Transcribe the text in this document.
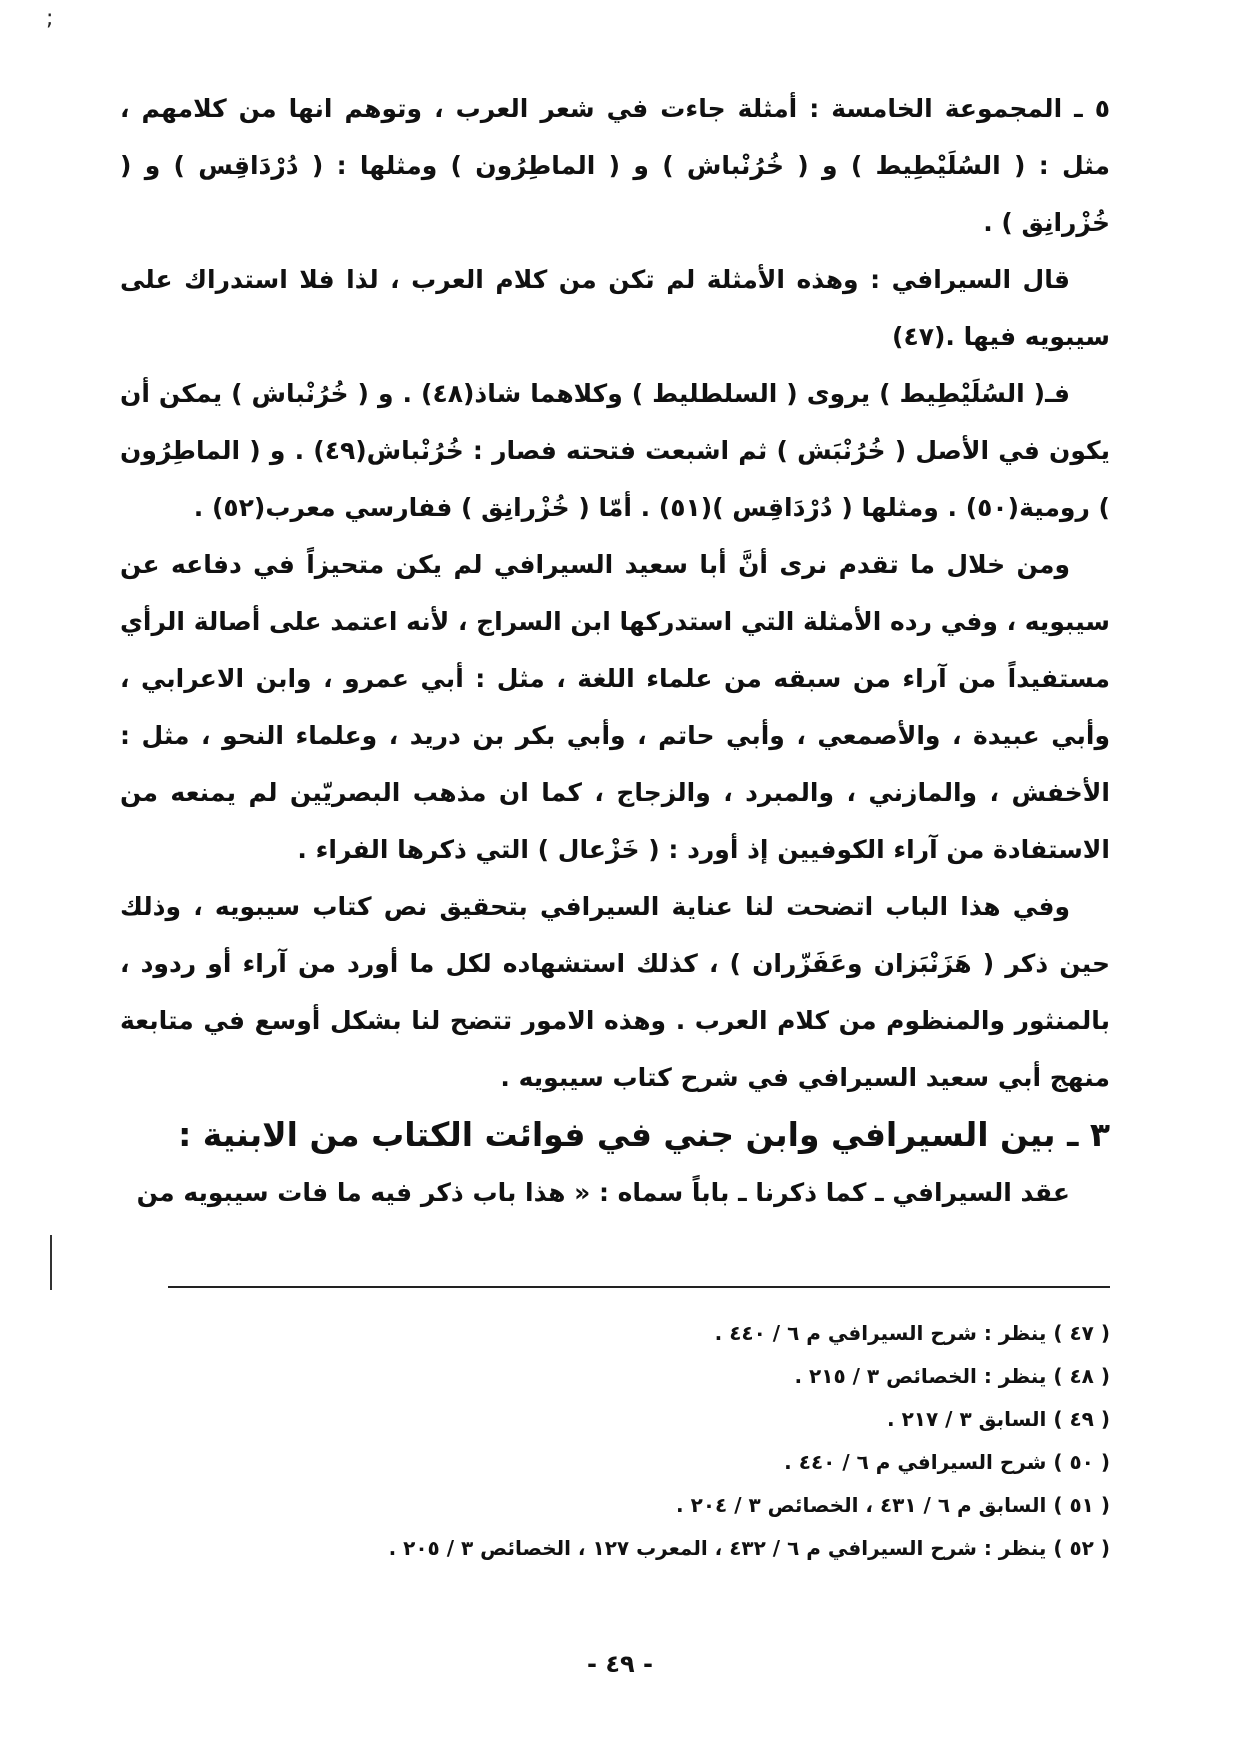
;

٥ ـ المجموعة الخامسة : أمثلة جاءت في شعر العرب ، وتوهم انها من كلامهم ، مثل : ( السُلَيْطِيط ) و ( خُرُنْباش ) و ( الماطِرُون ) ومثلها : ( دُرْدَاقِس ) و ( خُزْرانِق ) .

قال السيرافي : وهذه الأمثلة لم تكن من كلام العرب ، لذا فلا استدراك على سيبويه فيها .(٤٧)

فـ( السُلَيْطِيط ) يروى ( السلطليط ) وكلاهما شاذ(٤٨) . و ( خُرُنْباش ) يمكن أن يكون في الأصل ( خُرُنْبَش ) ثم اشبعت فتحته فصار : خُرُنْباش(٤٩) . و ( الماطِرُون ) رومية(٥٠) . ومثلها ( دُرْدَاقِس )(٥١) . أمّا ( خُزْرانِق ) ففارسي معرب(٥٢) .

ومن خلال ما تقدم نرى أنَّ أبا سعيد السيرافي لم يكن متحيزاً في دفاعه عن سيبويه ، وفي رده الأمثلة التي استدركها ابن السراج ، لأنه اعتمد على أصالة الرأي مستفيداً من آراء من سبقه من علماء اللغة ، مثل : أبي عمرو ، وابن الاعرابي ، وأبي عبيدة ، والأصمعي ، وأبي حاتم ، وأبي بكر بن دريد ، وعلماء النحو ، مثل : الأخفش ، والمازني ، والمبرد ، والزجاج ، كما ان مذهب البصريّين لم يمنعه من الاستفادة من آراء الكوفيين إذ أورد : ( خَزْعال ) التي ذكرها الفراء .

وفي هذا الباب اتضحت لنا عناية السيرافي بتحقيق نص كتاب سيبويه ، وذلك حين ذكر ( هَزَنْبَزان وعَفَزّران ) ، كذلك استشهاده لكل ما أورد من آراء أو ردود ، بالمنثور والمنظوم من كلام العرب . وهذه الامور تتضح لنا بشكل أوسع في متابعة منهج أبي سعيد السيرافي في شرح كتاب سيبويه .

٣ ـ بين السيرافي وابن جني في فوائت الكتاب من الابنية :

عقد السيرافي ـ كما ذكرنا ـ باباً سماه : « هذا باب ذكر فيه ما فات سيبويه من

( ٤٧ ) ينظر : شرح السيرافي م ٦ / ٤٤٠ .

( ٤٨ ) ينظر : الخصائص ٣ / ٢١٥ .

( ٤٩ ) السابق ٣ / ٢١٧ .

( ٥٠ ) شرح السيرافي م ٦ / ٤٤٠ .

( ٥١ ) السابق م ٦ / ٤٣١ ، الخصائص ٣ / ٢٠٤ .

( ٥٢ ) ينظر : شرح السيرافي م ٦ / ٤٣٢ ، المعرب ١٢٧ ، الخصائص ٣ / ٢٠٥ .

- ٤٩ -
